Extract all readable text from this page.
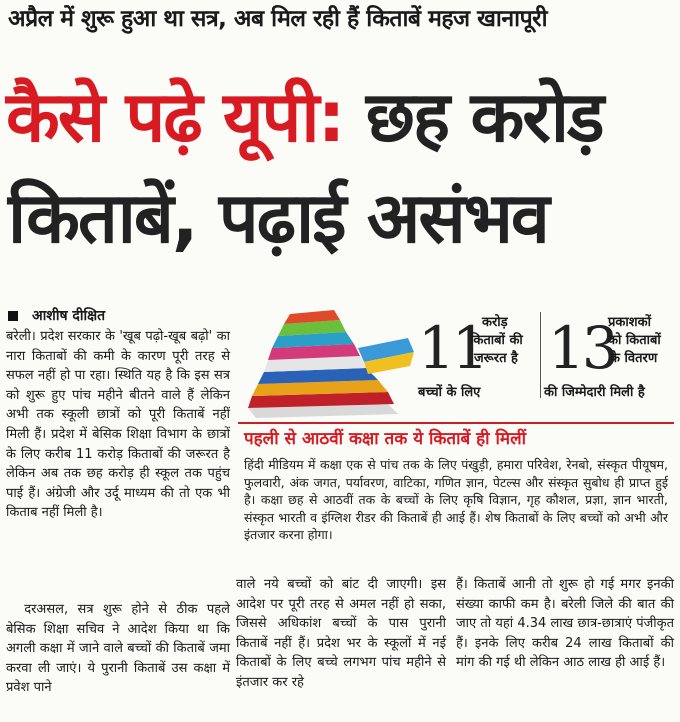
अप्रैल में शुरू हुआ था सत्र, अब मिल रही हैं किताबें महज खानापूरी
कैसे पढ़े यूपी: छह करोड़
किताबें, पढ़ाई असंभव
आशीष दीक्षित

बरेली। प्रदेश सरकार के 'खूब पढ़ो-खूब बढ़ो' का नारा किताबों की कमी के कारण पूरी तरह से सफल नहीं हो पा रहा। स्थिति यह है कि इस सत्र को शुरू हुए पांच महीने बीतने वाले हैं लेकिन अभी तक स्कूली छात्रों को पूरी किताबें नहीं मिली हैं। प्रदेश में बेसिक शिक्षा विभाग के छात्रों के लिए करीब 11 करोड़ किताबों की जरूरत है लेकिन अब तक छह करोड़ ही स्कूल तक पहुंच पाई हैं। अंग्रेजी और उर्दू माध्यम की तो एक भी किताब नहीं मिली है।

दरअसल, सत्र शुरू होने से ठीक पहले बेसिक शिक्षा सचिव ने आदेश किया था कि अगली कक्षा में जाने वाले बच्चों की किताबें जमा करवा ली जाएं। ये पुरानी किताबें उस कक्षा में प्रवेश पाने

वाले नये बच्चों को बांट दी जाएगी। इस आदेश पर पूरी तरह से अमल नहीं हो सका, जिससे अधिकांश बच्चों के पास पुरानी किताबें नहीं हैं। प्रदेश भर के स्कूलों में नई किताबों के लिए बच्चे लगभग पांच महीने से इंतजार कर रहे

हैं। किताबें आनी तो शुरू हो गई मगर इनकी संख्या काफी कम है। बरेली जिले की बात की जाए तो यहां 4.34 लाख छात्र-छात्राएं पंजीकृत हैं। इनके लिए करीब 24 लाख किताबों की मांग की गई थी लेकिन आठ लाख ही आई हैं।

11
करोड़
किताबों की
जरूरत है
बच्चों के लिए
13
प्रकाशकों
को किताबों
के वितरण
की जिम्मेदारी मिली है
पहली से आठवीं कक्षा तक ये किताबें ही मिलीं
हिंदी मीडियम में कक्षा एक से पांच तक के लिए पंखुड़ी, हमारा परिवेश, रेनबो, संस्कृत पीयूषम, फुलवारी, अंक जगत, पर्यावरण, वाटिका, गणित ज्ञान, पेटल्स और संस्कृत सुबोध ही प्राप्त हुई है। कक्षा छह से आठवीं तक के बच्चों के लिए कृषि विज्ञान, गृह कौशल, प्रज्ञा, ज्ञान भारती, संस्कृत भारती व इंग्लिश रीडर की किताबें ही आई हैं। शेष किताबों के लिए बच्चों को अभी और इंतजार करना होगा।
